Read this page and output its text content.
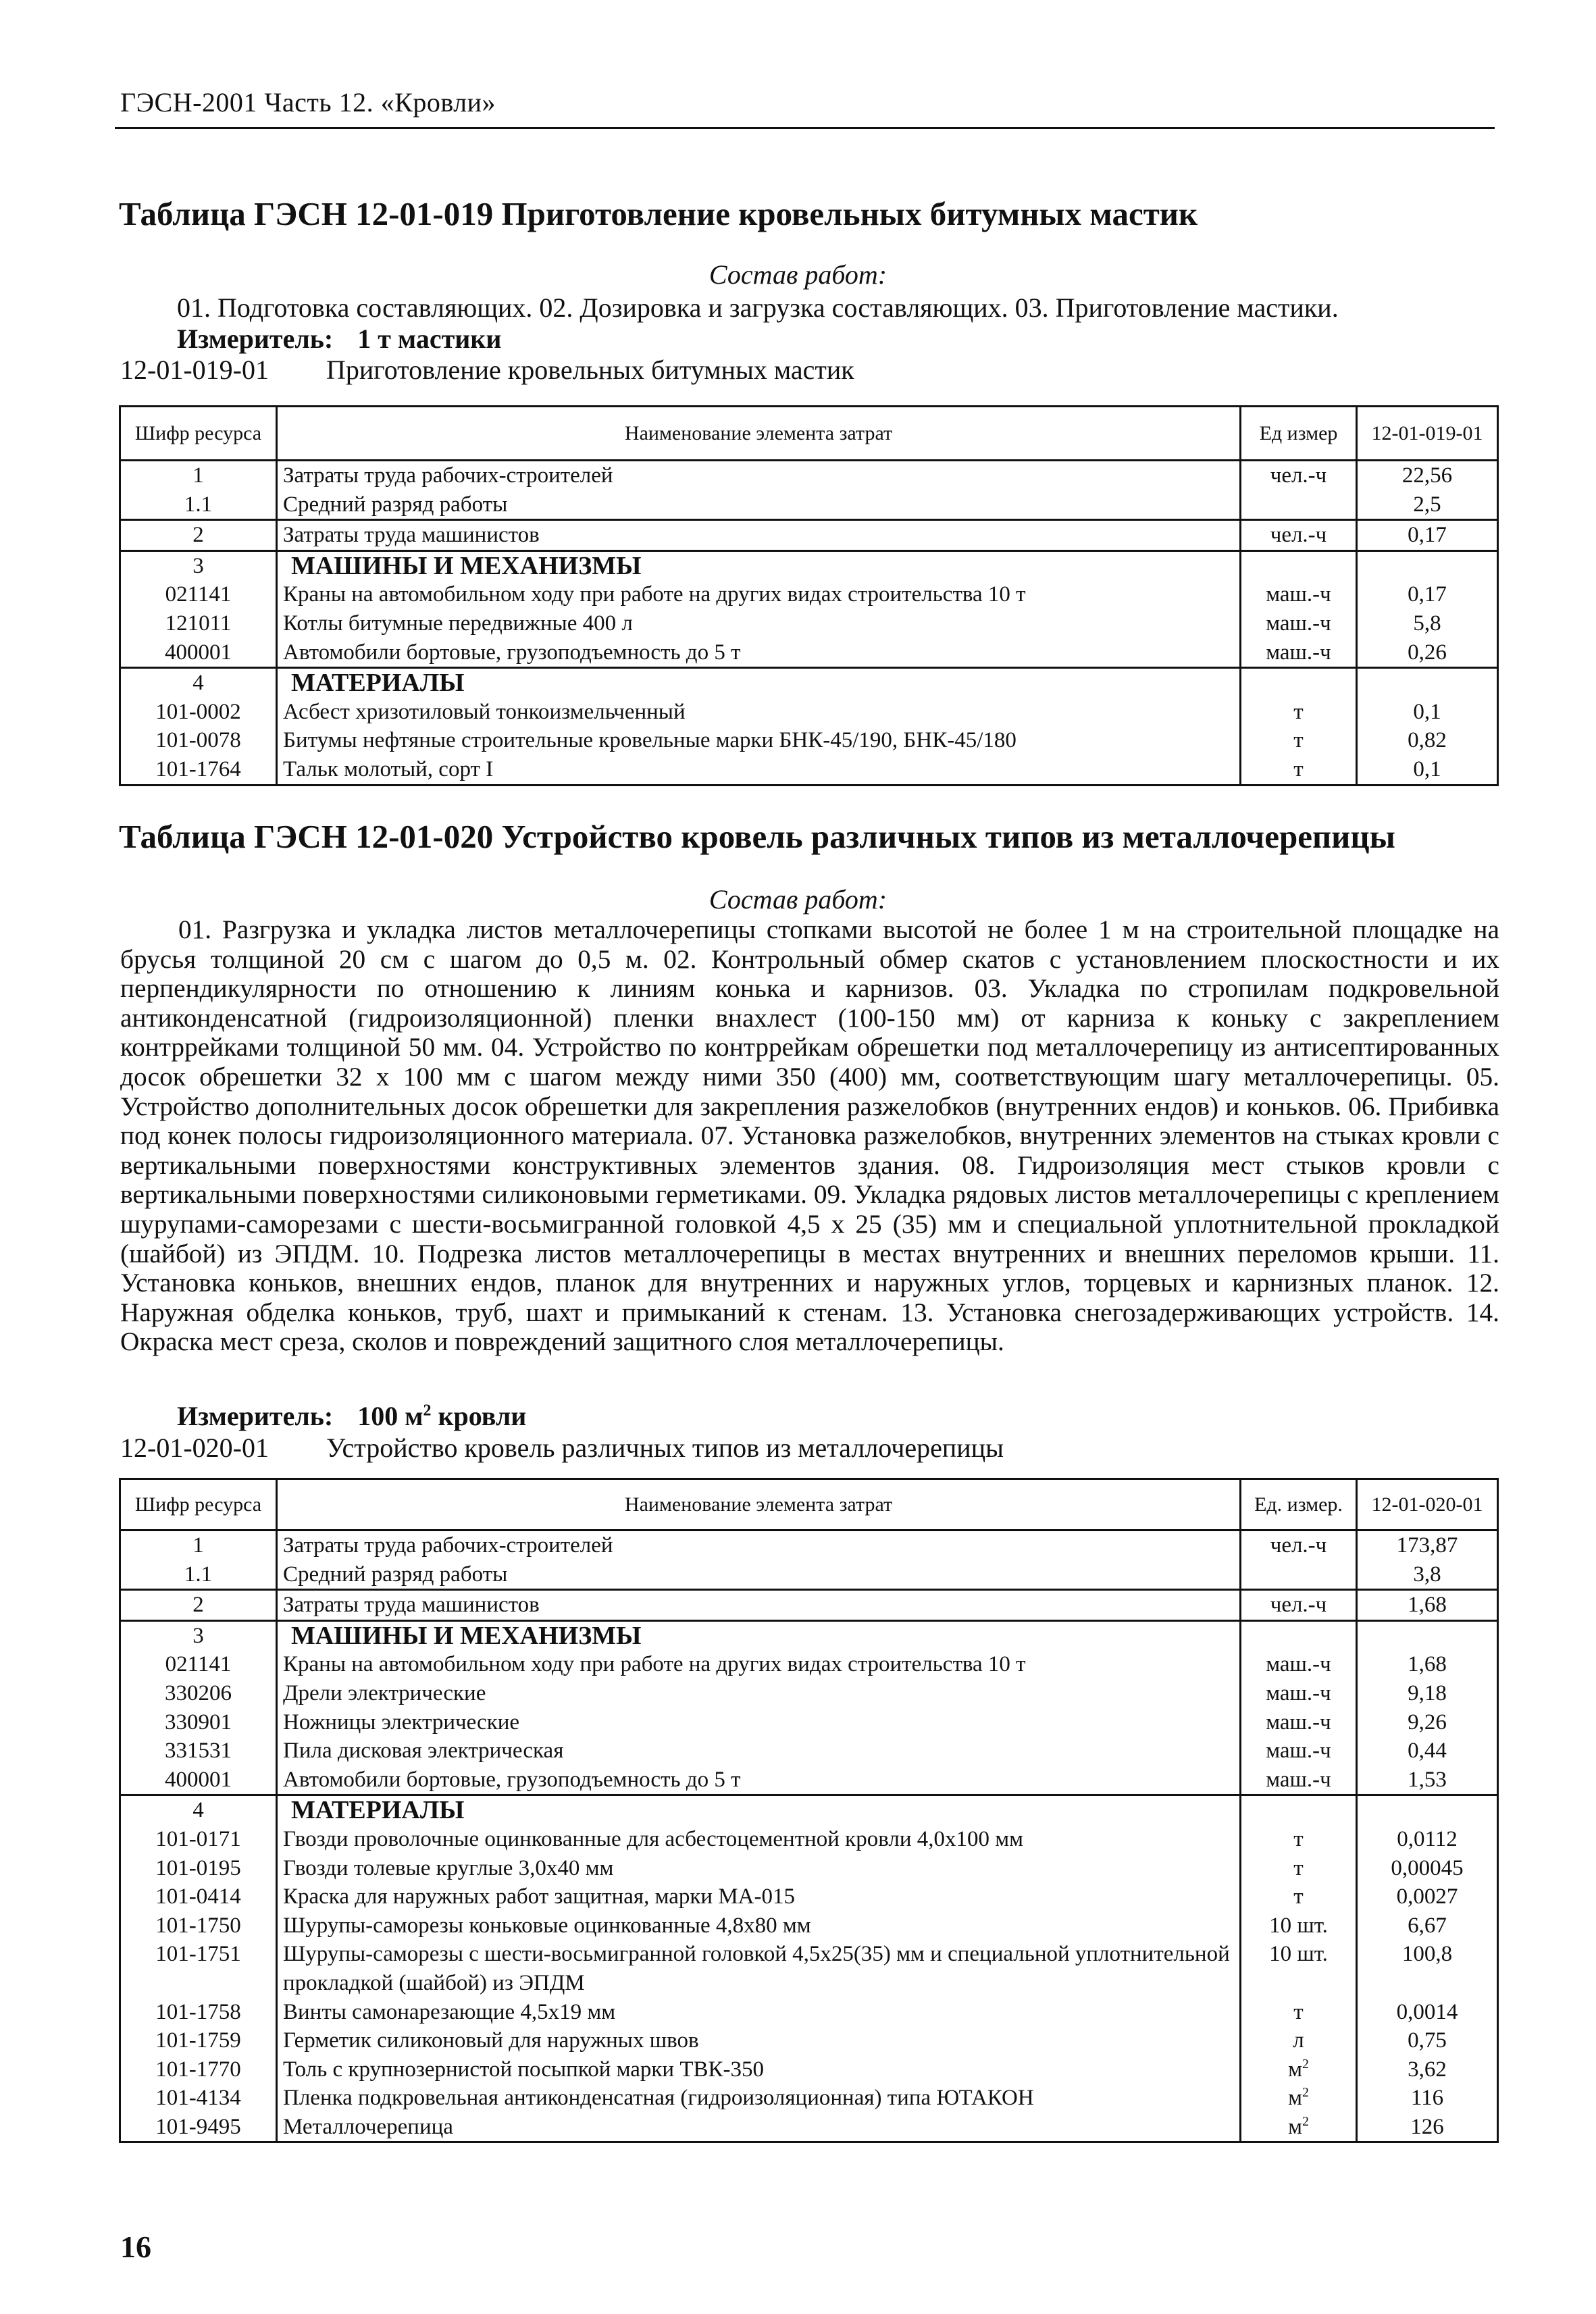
ГЭСН-2001 Часть 12. «Кровли»
Таблица ГЭСН 12-01-019 Приготовление кровельных битумных мастик
Состав работ:
01. Подготовка составляющих. 02. Дозировка и загрузка составляющих. 03. Приготовление мастики.
Измеритель: 1 т мастики
12-01-019-01 Приготовление кровельных битумных мастик
Шифр ресурса	Наименование элемента затрат	Ед измер	12-01-019-01
1	Затраты труда рабочих-строителей	чел.-ч	22,56
1.1	Средний разряд работы		2,5
2	Затраты труда машинистов	чел.-ч	0,17
3	МАШИНЫ И МЕХАНИЗМЫ		
021141	Краны на автомобильном ходу при работе на других видах строительства 10 т	маш.-ч	0,17
121011	Котлы битумные передвижные 400 л	маш.-ч	5,8
400001	Автомобили бортовые, грузоподъемность до 5 т	маш.-ч	0,26
4	МАТЕРИАЛЫ		
101-0002	Асбест хризотиловый тонкоизмельченный	т	0,1
101-0078	Битумы нефтяные строительные кровельные марки БНК-45/190, БНК-45/180	т	0,82
101-1764	Тальк молотый, сорт I	т	0,1
Таблица ГЭСН 12-01-020 Устройство кровель различных типов из металлочерепицы
Состав работ:
01. Разгрузка и укладка листов металлочерепицы стопками высотой не более 1 м на строительной площадке на брусья толщиной 20 см с шагом до 0,5 м. 02. Контрольный обмер скатов с установлением плоскостности и их перпендикулярности по отношению к линиям конька и карнизов. 03. Укладка по стропилам подкровельной антиконденсатной (гидроизоляционной) пленки внахлест (100-150 мм) от карниза к коньку с закреплением контррейками толщиной 50 мм. 04. Устройство по контррейкам обрешетки под металлочерепицу из антисептированных досок обрешетки 32 х 100 мм с шагом между ними 350 (400) мм, соответствующим шагу металлочерепицы. 05. Устройство дополнительных досок обрешетки для закрепления разжелобков (внутренних ендов) и коньков. 06. Прибивка под конек полосы гидроизоляционного материала. 07. Установка разжелобков, внутренних элементов на стыках кровли с вертикальными поверхностями конструктивных элементов здания. 08. Гидроизоляция мест стыков кровли с вертикальными поверхностями силиконовыми герметиками. 09. Укладка рядовых листов металлочерепицы с креплением шурупами-саморезами с шести-восьмигранной головкой 4,5 х 25 (35) мм и специальной уплотнительной прокладкой (шайбой) из ЭПДМ. 10. Подрезка листов металлочерепицы в местах внутренних и внешних переломов крыши. 11. Установка коньков, внешних ендов, планок для внутренних и наружных углов, торцевых и карнизных планок. 12. Наружная обделка коньков, труб, шахт и примыканий к стенам. 13. Установка снегозадерживающих устройств. 14. Окраска мест среза, сколов и повреждений защитного слоя металлочерепицы.
Измеритель: 100 $м^2$ кровли
12-01-020-01 Устройство кровель различных типов из металлочерепицы
Шифр ресурса	Наименование элемента затрат	Ед. измер.	12-01-020-01
1	Затраты труда рабочих-строителей	чел.-ч	173,87
1.1	Средний разряд работы		3,8
2	Затраты труда машинистов	чел.-ч	1,68
3	МАШИНЫ И МЕХАНИЗМЫ		
021141	Краны на автомобильном ходу при работе на других видах строительства 10 т	маш.-ч	1,68
330206	Дрели электрические	маш.-ч	9,18
330901	Ножницы электрические	маш.-ч	9,26
331531	Пила дисковая электрическая	маш.-ч	0,44
400001	Автомобили бортовые, грузоподъемность до 5 т	маш.-ч	1,53
4	МАТЕРИАЛЫ		
101-0171	Гвозди проволочные оцинкованные для асбестоцементной кровли 4,0х100 мм	т	0,0112
101-0195	Гвозди толевые круглые 3,0х40 мм	т	0,00045
101-0414	Краска для наружных работ защитная, марки МА-015	т	0,0027
101-1750	Шурупы-саморезы коньковые оцинкованные 4,8х80 мм	10 шт.	6,67
101-1751	Шурупы-саморезы с шести-восьмигранной головкой 4,5х25(35) мм и специальной уплотнительной прокладкой (шайбой) из ЭПДМ	10 шт.	100,8
101-1758	Винты самонарезающие 4,5х19 мм	т	0,0014
101-1759	Герметик силиконовый для наружных швов	л	0,75
101-1770	Толь с крупнозернистой посыпкой марки ТВК-350	$м^2$	3,62
101-4134	Пленка подкровельная антиконденсатная (гидроизоляционная) типа ЮТАКОН	$м^2$	116
101-9495	Металлочерепица	$м^2$	126
16
